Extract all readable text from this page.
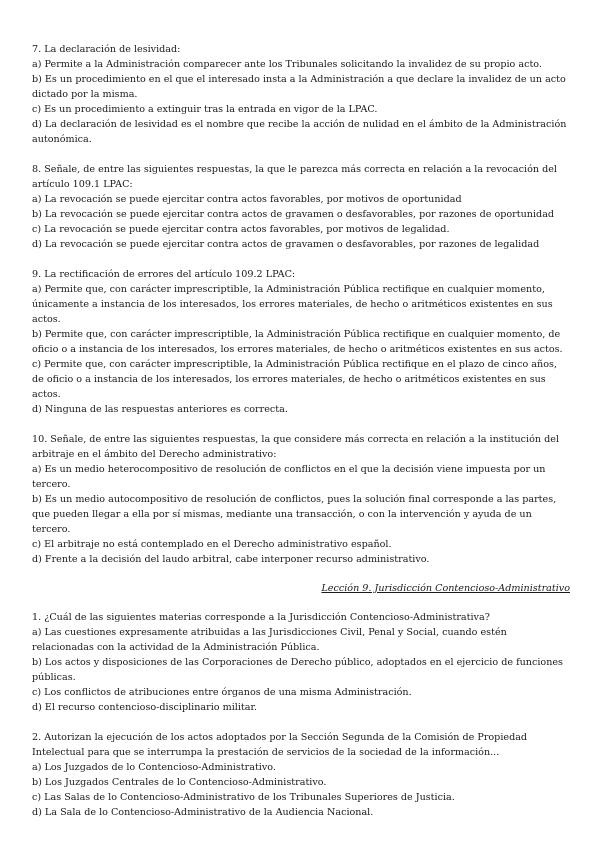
7. La declaración de lesividad:

a) Permite a la Administración comparecer ante los Tribunales solicitando la invalidez de su propio acto.

b) Es un procedimiento en el que el interesado insta a la Administración a que declare la invalidez de un acto dictado por la misma.

c) Es un procedimiento a extinguir tras la entrada en vigor de la LPAC.

d) La declaración de lesividad es el nombre que recibe la acción de nulidad en el ámbito de la Administración autonómica.

8. Señale, de entre las siguientes respuestas, la que le parezca más correcta en relación a la revocación del artículo 109.1 LPAC:

a) La revocación se puede ejercitar contra actos favorables, por motivos de oportunidad

b) La revocación se puede ejercitar contra actos de gravamen o desfavorables, por razones de oportunidad

c) La revocación se puede ejercitar contra actos favorables, por motivos de legalidad.

d) La revocación se puede ejercitar contra actos de gravamen o desfavorables, por razones de legalidad

9. La rectificación de errores del artículo 109.2 LPAC:

a) Permite que, con carácter imprescriptible, la Administración Pública rectifique en cualquier momento, únicamente a instancia de los interesados, los errores materiales, de hecho o aritméticos existentes en sus actos.

b) Permite que, con carácter imprescriptible, la Administración Pública rectifique en cualquier momento, de oficio o a instancia de los interesados, los errores materiales, de hecho o aritméticos existentes en sus actos.

c) Permite que, con carácter imprescriptible, la Administración Pública rectifique en el plazo de cinco años, de oficio o a instancia de los interesados, los errores materiales, de hecho o aritméticos existentes en sus actos.

d) Ninguna de las respuestas anteriores es correcta.

10. Señale, de entre las siguientes respuestas, la que considere más correcta en relación a la institución del arbitraje en el ámbito del Derecho administrativo:

a) Es un medio heterocompositivo de resolución de conflictos en el que la decisión viene impuesta por un tercero.

b) Es un medio autocompositivo de resolución de conflictos, pues la solución final corresponde a las partes, que pueden llegar a ella por sí mismas, mediante una transacción, o con la intervención y ayuda de un tercero.

c) El arbitraje no está contemplado en el Derecho administrativo español.

d) Frente a la decisión del laudo arbitral, cabe interponer recurso administrativo.

Lección 9. Jurisdicción Contencioso-Administrativo

1. ¿Cuál de las siguientes materias corresponde a la Jurisdicción Contencioso-Administrativa?

a) Las cuestiones expresamente atribuidas a las Jurisdicciones Civil, Penal y Social, cuando estén relacionadas con la actividad de la Administración Pública.

b) Los actos y disposiciones de las Corporaciones de Derecho público, adoptados en el ejercicio de funciones públicas.

c) Los conflictos de atribuciones entre órganos de una misma Administración.

d) El recurso contencioso-disciplinario militar.

2. Autorizan la ejecución de los actos adoptados por la Sección Segunda de la Comisión de Propiedad Intelectual para que se interrumpa la prestación de servicios de la sociedad de la información...

a) Los Juzgados de lo Contencioso-Administrativo.

b) Los Juzgados Centrales de lo Contencioso-Administrativo.

c) Las Salas de lo Contencioso-Administrativo de los Tribunales Superiores de Justicia.

d) La Sala de lo Contencioso-Administrativo de la Audiencia Nacional.
